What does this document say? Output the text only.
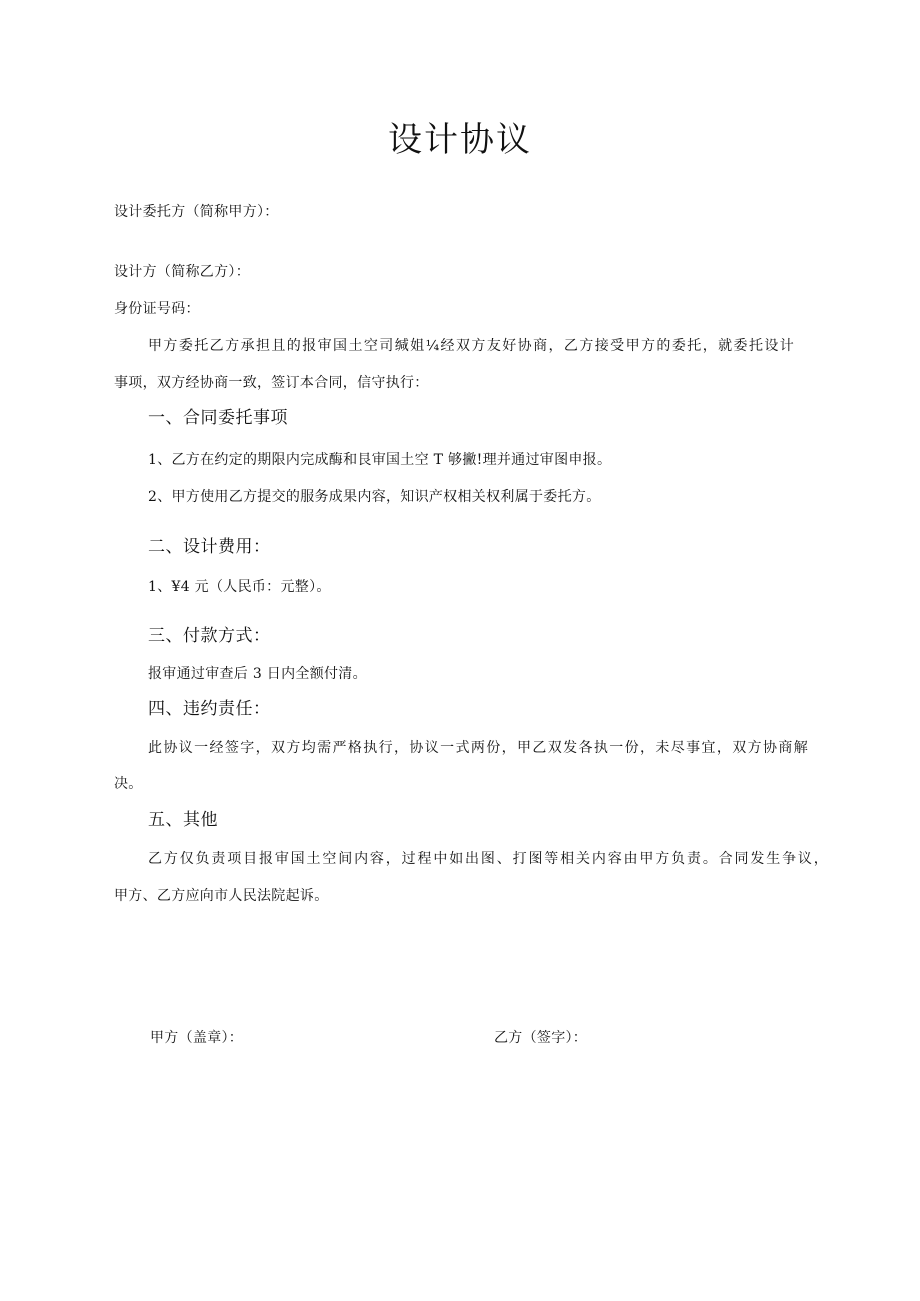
设计协议
设计委托方（简称甲方）：
设计方（简称乙方）：
身份证号码：
甲方委托乙方承担且的报审国土空司缄姐¼经双方友好协商，乙方接受甲方的委托，就委托设计
事项，双方经协商一致，签订本合同，信守执行：
一、合同委托事项
1、乙方在约定的期限内完成酶和艮审国土空 T 够撇!理并通过审图申报。
2、甲方使用乙方提交的服务成果内容，知识产权相关权利属于委托方。
二、设计费用：
1、¥4 元（人民币：元整）。
三、付款方式：
报审通过审查后 3 日内全额付清。
四、违约责任：
此协议一经签字，双方均需严格执行，协议一式两份，甲乙双发各执一份，未尽事宜，双方协商解
决。
五、其他
乙方仅负责项目报审国土空间内容，过程中如出图、打图等相关内容由甲方负责。合同发生争议，
甲方、乙方应向市人民法院起诉。
甲方（盖章）：	乙方（签字）：
